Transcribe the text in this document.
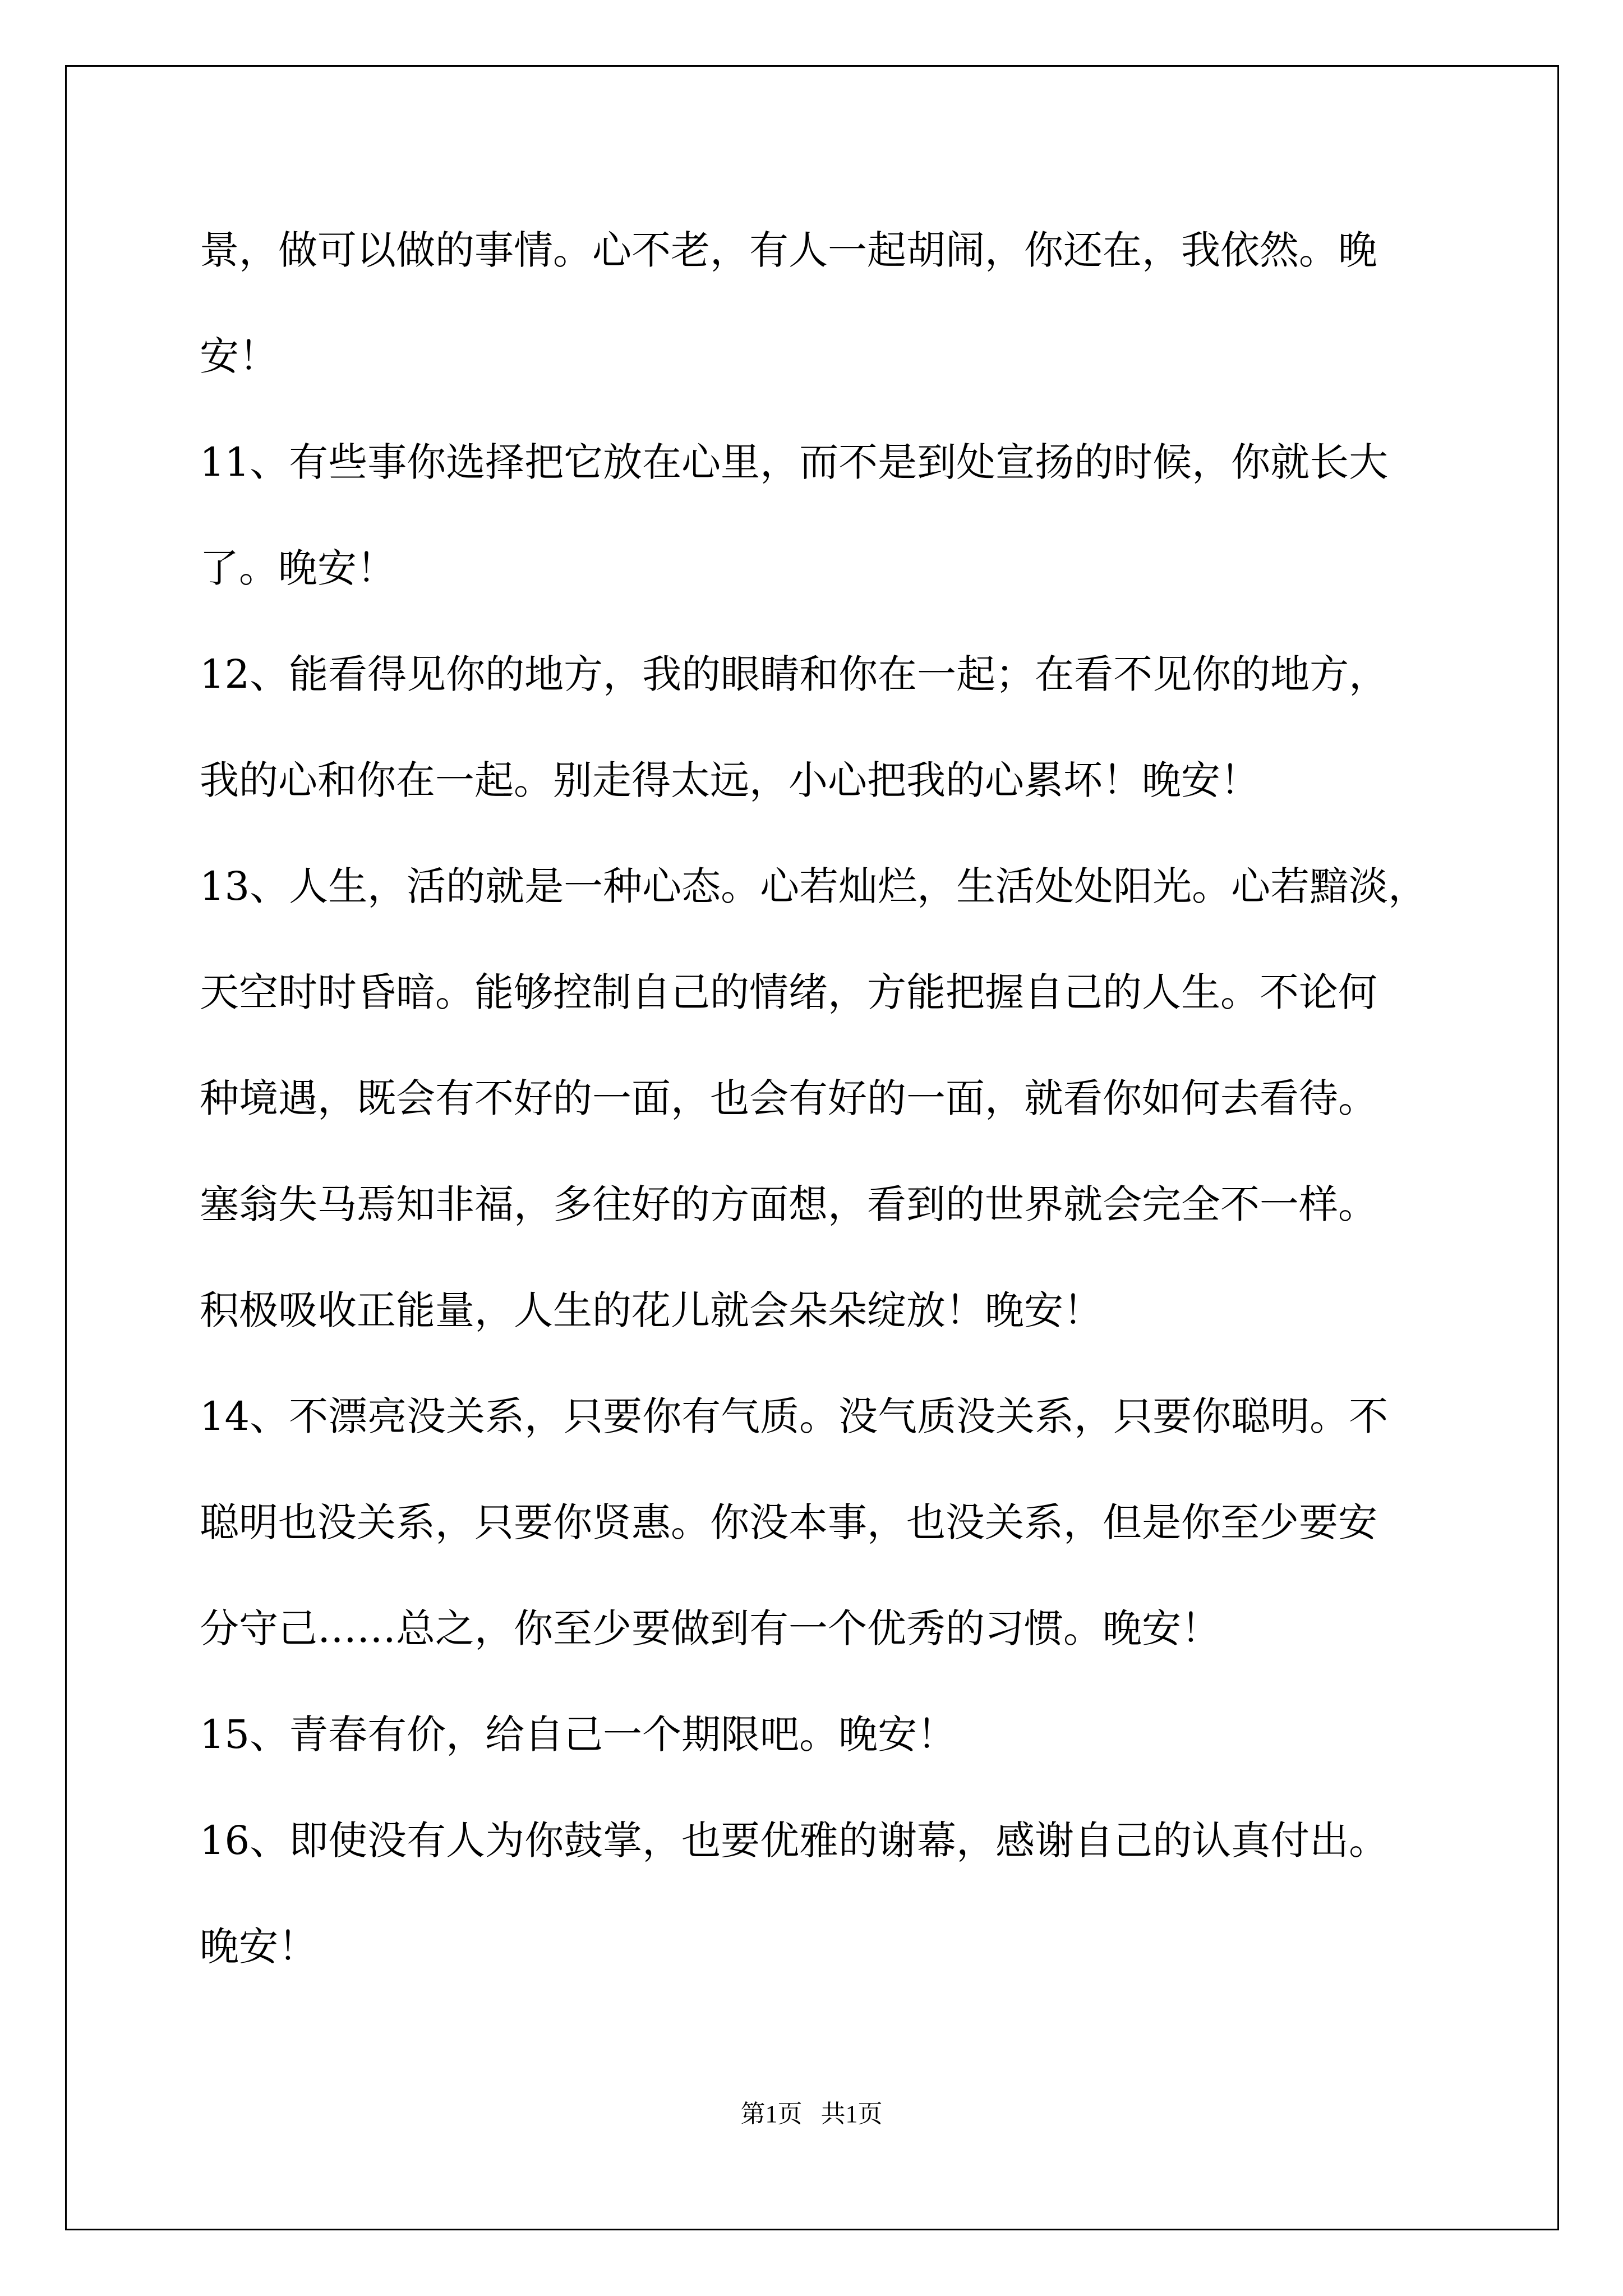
景，做可以做的事情。心不老，有人一起胡闹，你还在，我依然。晚
安！
11、有些事你选择把它放在心里，而不是到处宣扬的时候，你就长大
了。晚安！
12、能看得见你的地方，我的眼睛和你在一起；在看不见你的地方，
我的心和你在一起。别走得太远，小心把我的心累坏！晚安！
13、人生，活的就是一种心态。心若灿烂，生活处处阳光。心若黯淡，
天空时时昏暗。能够控制自己的情绪，方能把握自己的人生。不论何
种境遇，既会有不好的一面，也会有好的一面，就看你如何去看待。
塞翁失马焉知非福，多往好的方面想，看到的世界就会完全不一样。
积极吸收正能量，人生的花儿就会朵朵绽放！晚安！
14、不漂亮没关系，只要你有气质。没气质没关系，只要你聪明。不
聪明也没关系，只要你贤惠。你没本事，也没关系，但是你至少要安
分守己……总之，你至少要做到有一个优秀的习惯。晚安！
15、青春有价，给自己一个期限吧。晚安！
16、即使没有人为你鼓掌，也要优雅的谢幕，感谢自己的认真付出。
晚安！
第1页   共1页
